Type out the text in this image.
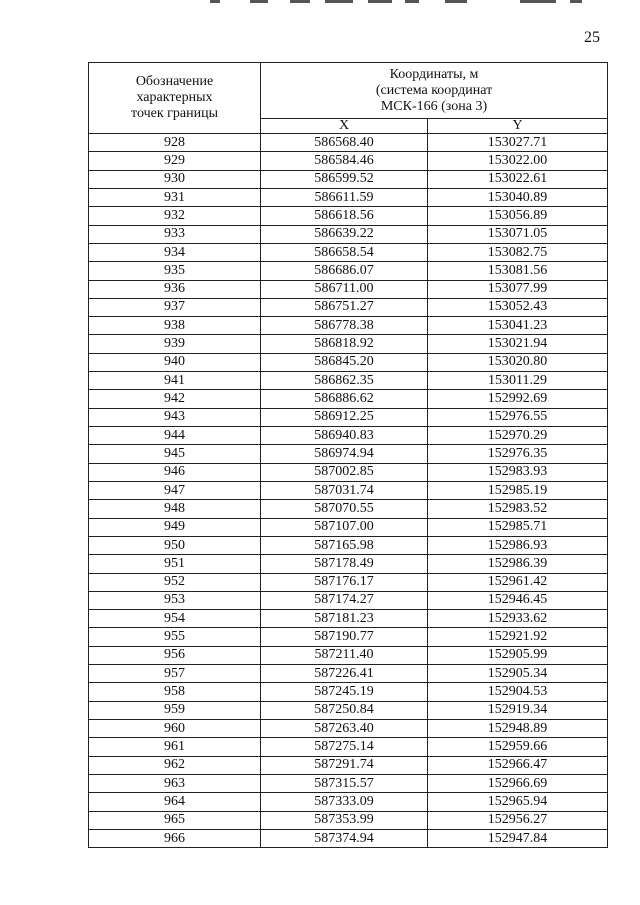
25
Обозначение
характерных
точек границы	Координаты, м
(система координат
МСК-166 (зона 3)	

	X	Y
928	586568.40	153027.71
929	586584.46	153022.00
930	586599.52	153022.61
931	586611.59	153040.89
932	586618.56	153056.89
933	586639.22	153071.05
934	586658.54	153082.75
935	586686.07	153081.56
936	586711.00	153077.99
937	586751.27	153052.43
938	586778.38	153041.23
939	586818.92	153021.94
940	586845.20	153020.80
941	586862.35	153011.29
942	586886.62	152992.69
943	586912.25	152976.55
944	586940.83	152970.29
945	586974.94	152976.35
946	587002.85	152983.93
947	587031.74	152985.19
948	587070.55	152983.52
949	587107.00	152985.71
950	587165.98	152986.93
951	587178.49	152986.39
952	587176.17	152961.42
953	587174.27	152946.45
954	587181.23	152933.62
955	587190.77	152921.92
956	587211.40	152905.99
957	587226.41	152905.34
958	587245.19	152904.53
959	587250.84	152919.34
960	587263.40	152948.89
961	587275.14	152959.66
962	587291.74	152966.47
963	587315.57	152966.69
964	587333.09	152965.94
965	587353.99	152956.27
966	587374.94	152947.84
